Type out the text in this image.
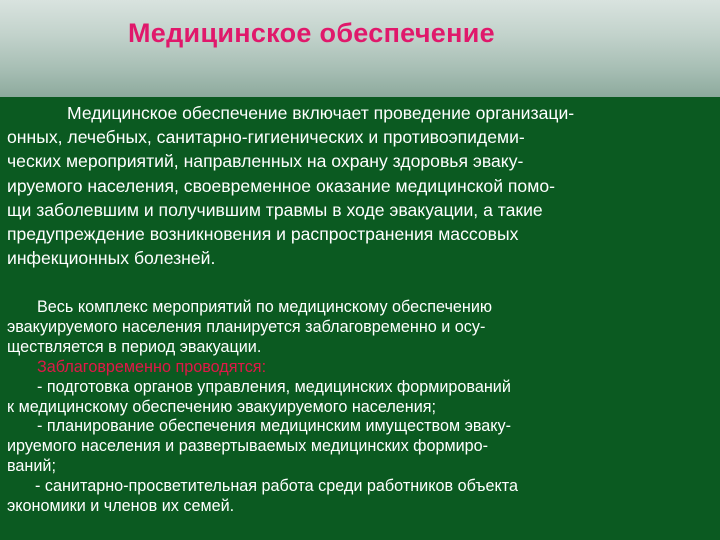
Медицинское обеспечение
Медицинское обеспечение включает проведение организаци-
онных, лечебных, санитарно-гигиенических и противоэпидеми-
ческих мероприятий, направленных на охрану здоровья эваку-
ируемого населения, своевременное оказание медицинской помо-
щи заболевшим и получившим травмы в ходе эвакуации, а такие
предупреждение возникновения и распространения массовых
инфекционных болезней.
Весь комплекс мероприятий по медицинскому обеспечению
эвакуируемого населения планируется заблаговременно и осу-
ществляется в период эвакуации.
Заблаговременно проводятся:
- подготовка органов управления, медицинских формирований
к медицинскому обеспечению эвакуируемого населения;
- планирование обеспечения медицинским имуществом эваку-
ируемого населения и развертываемых медицинских формиро-
ваний;
- санитарно-просветительная работа среди работников объекта
экономики и членов их семей.
